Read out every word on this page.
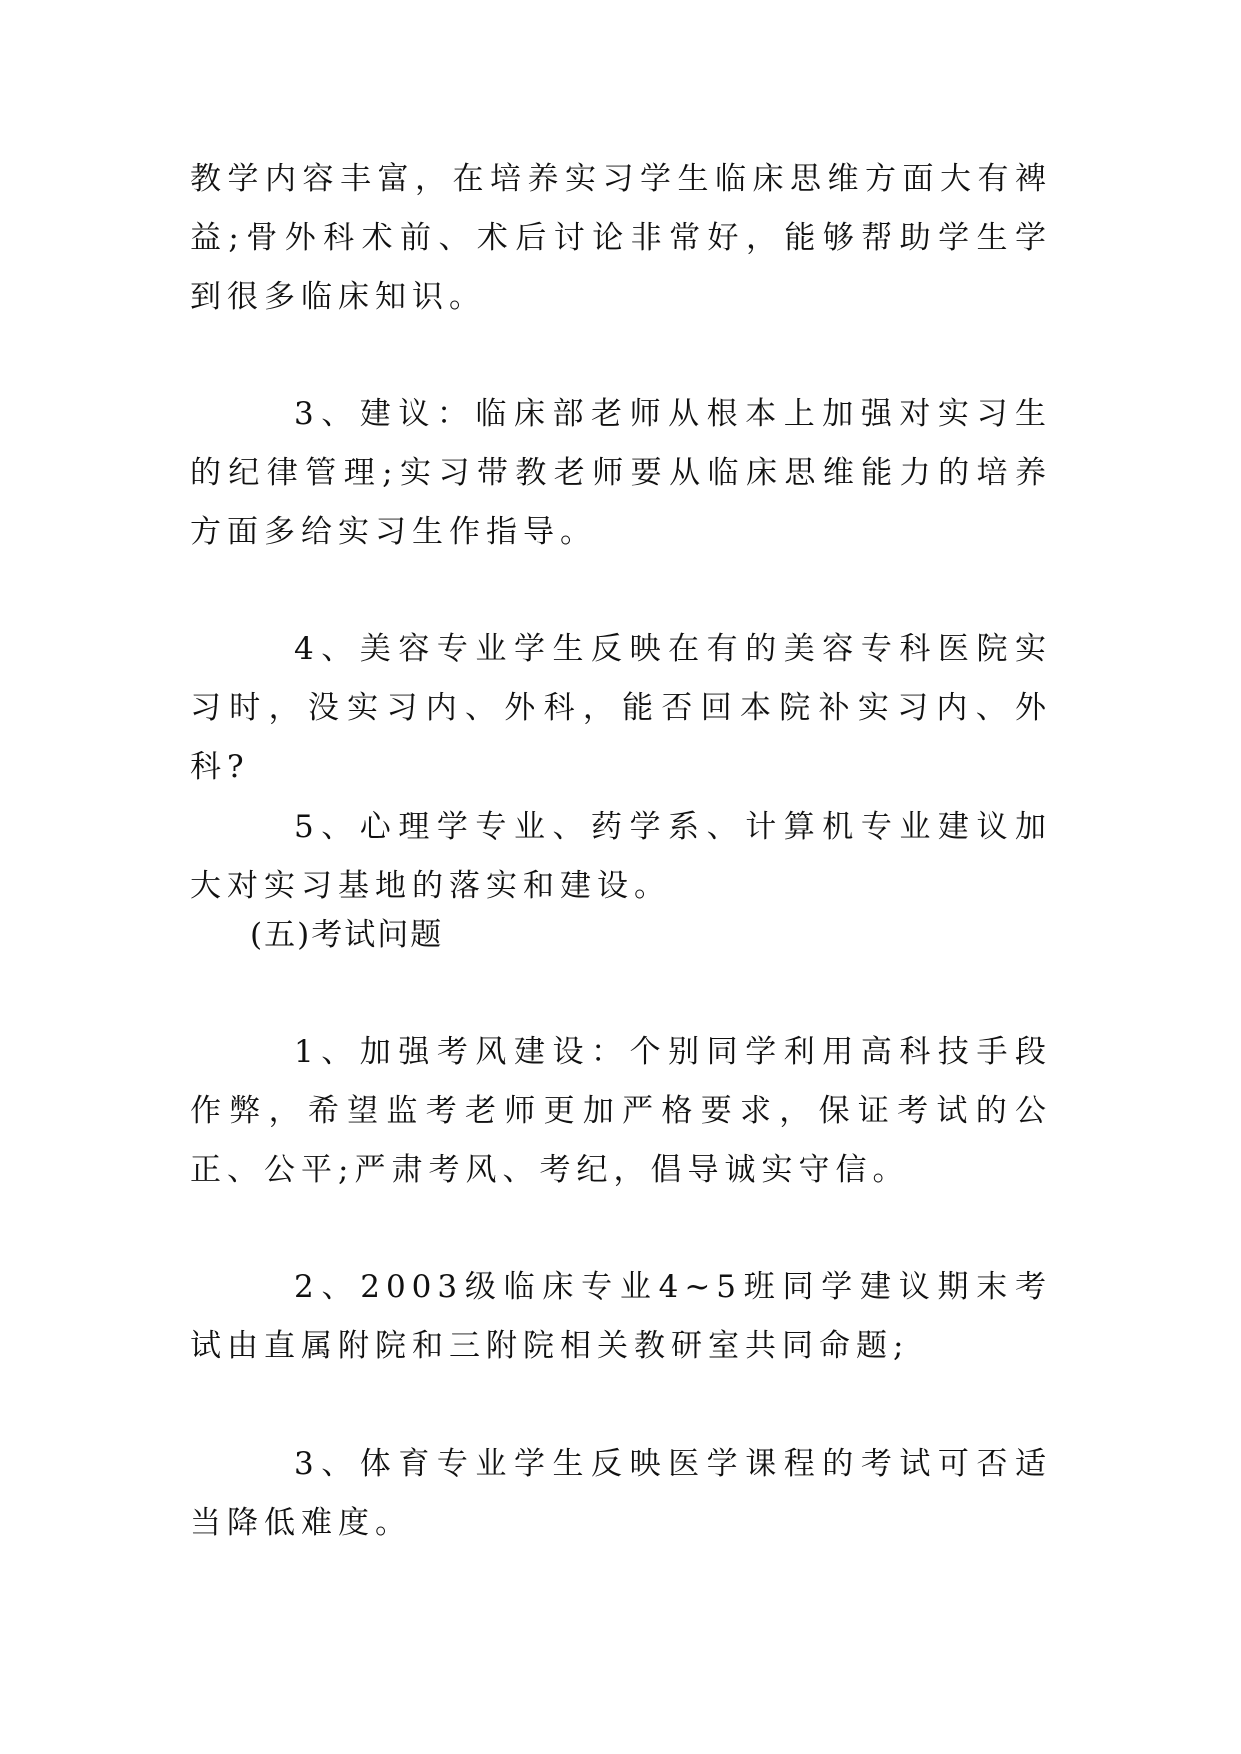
教学内容丰富，在培养实习学生临床思维方面大有裨益;骨外科术前、术后讨论非常好，能够帮助学生学到很多临床知识。

3、建议：临床部老师从根本上加强对实习生的纪律管理;实习带教老师要从临床思维能力的培养方面多给实习生作指导。

4、美容专业学生反映在有的美容专科医院实习时，没实习内、外科，能否回本院补实习内、外科?

5、心理学专业、药学系、计算机专业建议加大对实习基地的落实和建设。

(五)考试问题

1、加强考风建设：个别同学利用高科技手段作弊，希望监考老师更加严格要求，保证考试的公正、公平;严肃考风、考纪，倡导诚实守信。

2、2003级临床专业4~5班同学建议期末考试由直属附院和三附院相关教研室共同命题;

3、体育专业学生反映医学课程的考试可否适当降低难度。
